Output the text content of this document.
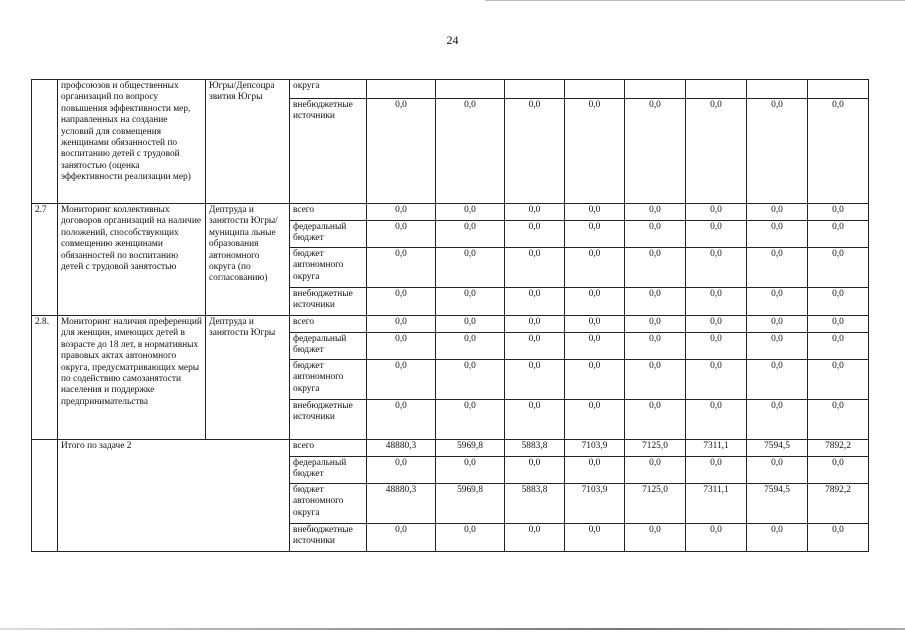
24
	профсоюзов и общественных организаций по вопросу повышения эффективности мер, направленных на создание условий для совмещения женщинами обязанностей по воспитанию детей с трудовой занятостью (оценка эффективности реализации мер)	Югры/Депсоцра звития Югры	округа								
			внебюджетные источники	0,0	0,0	0,0	0,0	0,0	0,0	0,0	0,0
2.7	Мониторинг коллективных договоров организаций на наличие положений, способствующих совмещению женщинами обязанностей по воспитанию детей с трудовой занятостью	Дептруда и занятости Югры/муниципа льные образования автономного округа (по согласованию)	всего	0,0	0,0	0,0	0,0	0,0	0,0	0,0	0,0
			федеральный бюджет	0,0	0,0	0,0	0,0	0,0	0,0	0,0	0,0
			бюджет автономного округа	0,0	0,0	0,0	0,0	0,0	0,0	0,0	0,0
			внебюджетные источники	0,0	0,0	0,0	0,0	0,0	0,0	0,0	0,0
2.8.	Мониторинг наличия преференций для женщин, имеющих детей в возрасте до 18 лет, в нормативных правовых актах автономного округа, предусматривающих меры по содействию самозанятости населения и поддержке предпринимательства	Дептруда и занятости Югры	всего	0,0	0,0	0,0	0,0	0,0	0,0	0,0	0,0
			федеральный бюджет	0,0	0,0	0,0	0,0	0,0	0,0	0,0	0,0
			бюджет автономного округа	0,0	0,0	0,0	0,0	0,0	0,0	0,0	0,0
			внебюджетные источники	0,0	0,0	0,0	0,0	0,0	0,0	0,0	0,0
	Итого по задаче 2		всего	48880,3	5969,8	5883,8	7103,9	7125,0	7311,1	7594,5	7892,2
			федеральный бюджет	0,0	0,0	0,0	0,0	0,0	0,0	0,0	0,0
			бюджет автономного округа	48880,3	5969,8	5883,8	7103,9	7125,0	7311,1	7594,5	7892,2
			внебюджетные источники	0,0	0,0	0,0	0,0	0,0	0,0	0,0	0,0
